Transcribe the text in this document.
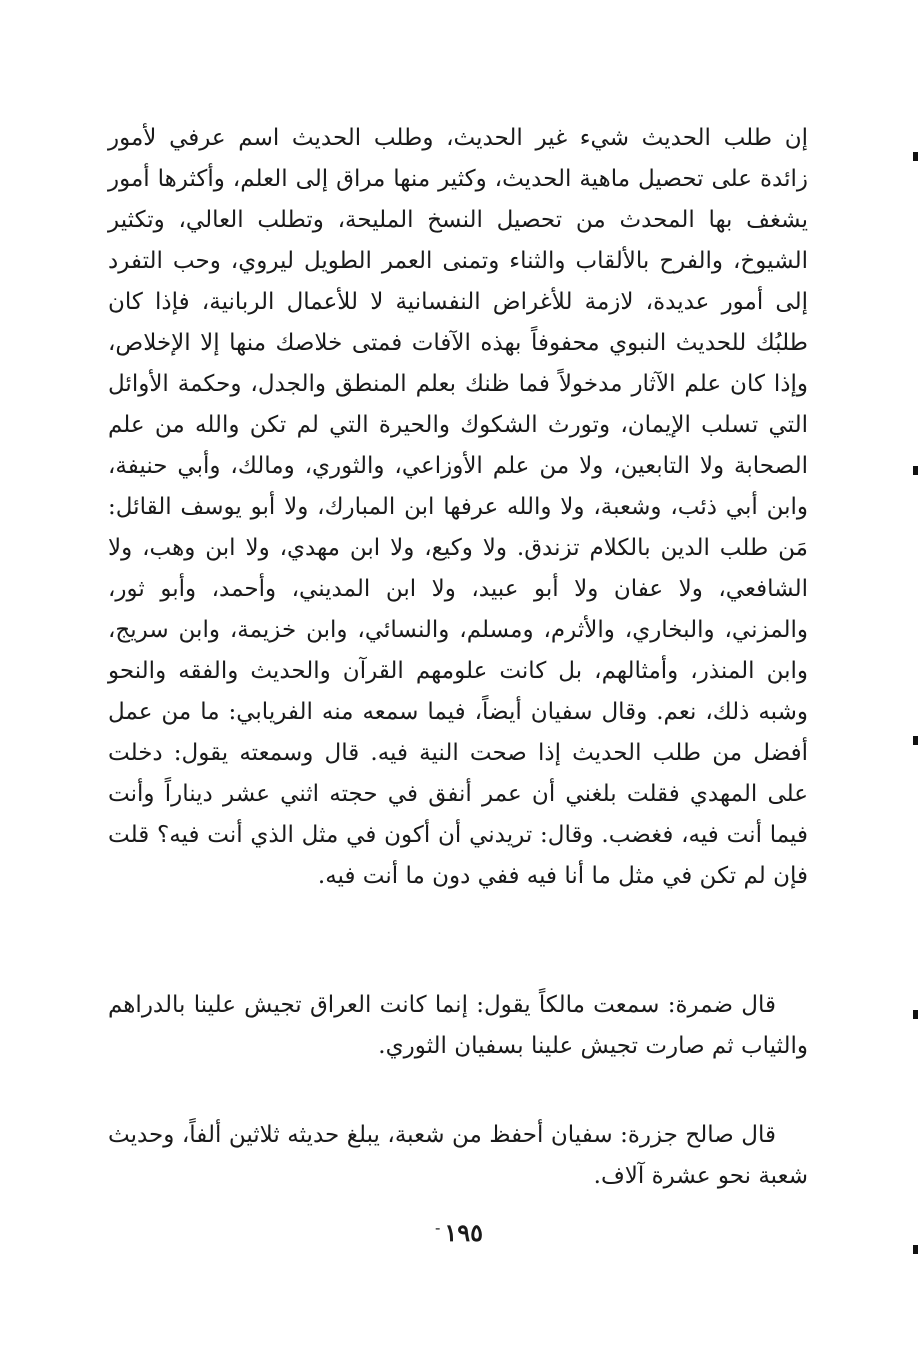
إن طلب الحديث شيء غير الحديث، وطلب الحديث اسم عرفي لأمور زائدة على تحصيل ماهية الحديث، وكثير منها مراق إلى العلم، وأكثرها أمور يشغف بها المحدث من تحصيل النسخ المليحة، وتطلب العالي، وتكثير الشيوخ، والفرح بالألقاب والثناء وتمنى العمر الطويل ليروي، وحب التفرد إلى أمور عديدة، لازمة للأغراض النفسانية لا للأعمال الربانية، فإذا كان طلبُك للحديث النبوي محفوفاً بهذه الآفات فمتى خلاصك منها إلا الإخلاص، وإذا كان علم الآثار مدخولاً فما ظنك بعلم المنطق والجدل، وحكمة الأوائل التي تسلب الإيمان، وتورث الشكوك والحيرة التي لم تكن والله من علم الصحابة ولا التابعين، ولا من علم الأوزاعي، والثوري، ومالك، وأبي حنيفة، وابن أبي ذئب، وشعبة، ولا والله عرفها ابن المبارك، ولا أبو يوسف القائل: مَن طلب الدين بالكلام تزندق. ولا وكيع، ولا ابن مهدي، ولا ابن وهب، ولا الشافعي، ولا عفان ولا أبو عبيد، ولا ابن المديني، وأحمد، وأبو ثور، والمزني، والبخاري، والأثرم، ومسلم، والنسائي، وابن خزيمة، وابن سريج، وابن المنذر، وأمثالهم، بل كانت علومهم القرآن والحديث والفقه والنحو وشبه ذلك، نعم. وقال سفيان أيضاً، فيما سمعه منه الفريابي: ما من عمل أفضل من طلب الحديث إذا صحت النية فيه. قال وسمعته يقول: دخلت على المهدي فقلت بلغني أن عمر أنفق في حجته اثني عشر ديناراً وأنت فيما أنت فيه، فغضب. وقال: تريدني أن أكون في مثل الذي أنت فيه؟ قلت فإن لم تكن في مثل ما أنا فيه ففي دون ما أنت فيه.

قال ضمرة: سمعت مالكاً يقول: إنما كانت العراق تجيش علينا بالدراهم والثياب ثم صارت تجيش علينا بسفيان الثوري.

قال صالح جزرة: سفيان أحفظ من شعبة، يبلغ حديثه ثلاثين ألفاً، وحديث شعبة نحو عشرة آلاف.

١٩٥-
